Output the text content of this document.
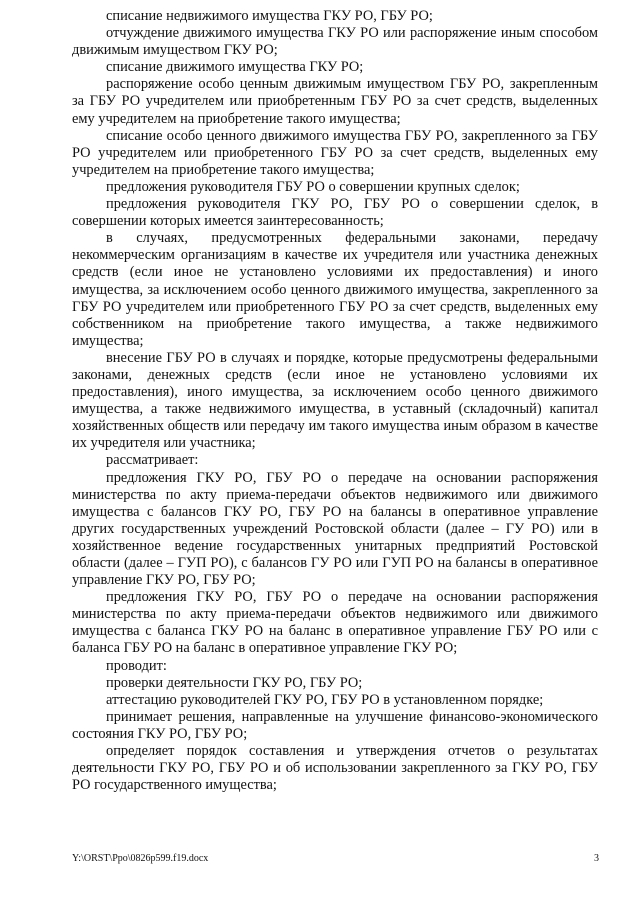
списание недвижимого имущества ГКУ РО, ГБУ РО;

отчуждение движимого имущества ГКУ РО или распоряжение иным способом движимым имуществом ГКУ РО;

списание движимого имущества ГКУ РО;

распоряжение особо ценным движимым имуществом ГБУ РО, закрепленным за ГБУ РО учредителем или приобретенным ГБУ РО за счет средств, выделенных ему учредителем на приобретение такого имущества;

списание особо ценного движимого имущества ГБУ РО, закрепленного за ГБУ РО учредителем или приобретенного ГБУ РО за счет средств, выделенных ему учредителем на приобретение такого имущества;

предложения руководителя ГБУ РО о совершении крупных сделок;

предложения руководителя ГКУ РО, ГБУ РО о совершении сделок, в совершении которых имеется заинтересованность;

в случаях, предусмотренных федеральными законами, передачу некоммерческим организациям в качестве их учредителя или участника денежных средств (если иное не установлено условиями их предоставления) и иного имущества, за исключением особо ценного движимого имущества, закрепленного за ГБУ РО учредителем или приобретенного ГБУ РО за счет средств, выделенных ему собственником на приобретение такого имущества, а также недвижимого имущества;

внесение ГБУ РО в случаях и порядке, которые предусмотрены федеральными законами, денежных средств (если иное не установлено условиями их предоставления), иного имущества, за исключением особо ценного движимого имущества, а также недвижимого имущества, в уставный (складочный) капитал хозяйственных обществ или передачу им такого имущества иным образом в качестве их учредителя или участника;

рассматривает:

предложения ГКУ РО, ГБУ РО о передаче на основании распоряжения министерства по акту приема-передачи объектов недвижимого или движимого имущества с балансов ГКУ РО, ГБУ РО на балансы в оперативное управление других государственных учреждений Ростовской области (далее – ГУ РО) или в хозяйственное ведение государственных унитарных предприятий Ростовской области (далее – ГУП РО), с балансов ГУ РО или ГУП РО на балансы в оперативное управление ГКУ РО, ГБУ РО;

предложения ГКУ РО, ГБУ РО о передаче на основании распоряжения министерства по акту приема-передачи объектов недвижимого или движимого имущества с баланса ГКУ РО на баланс в оперативное управление ГБУ РО или с баланса ГБУ РО на баланс в оперативное управление ГКУ РО;

проводит:

проверки деятельности ГКУ РО, ГБУ РО;

аттестацию руководителей ГКУ РО, ГБУ РО в установленном порядке;

принимает решения, направленные на улучшение финансово-экономического состояния ГКУ РО, ГБУ РО;

определяет порядок составления и утверждения отчетов о результатах деятельности ГКУ РО, ГБУ РО и об использовании закрепленного за ГКУ РО, ГБУ РО государственного имущества;

Y:\ORST\Ppo\0826p599.f19.docx	3
